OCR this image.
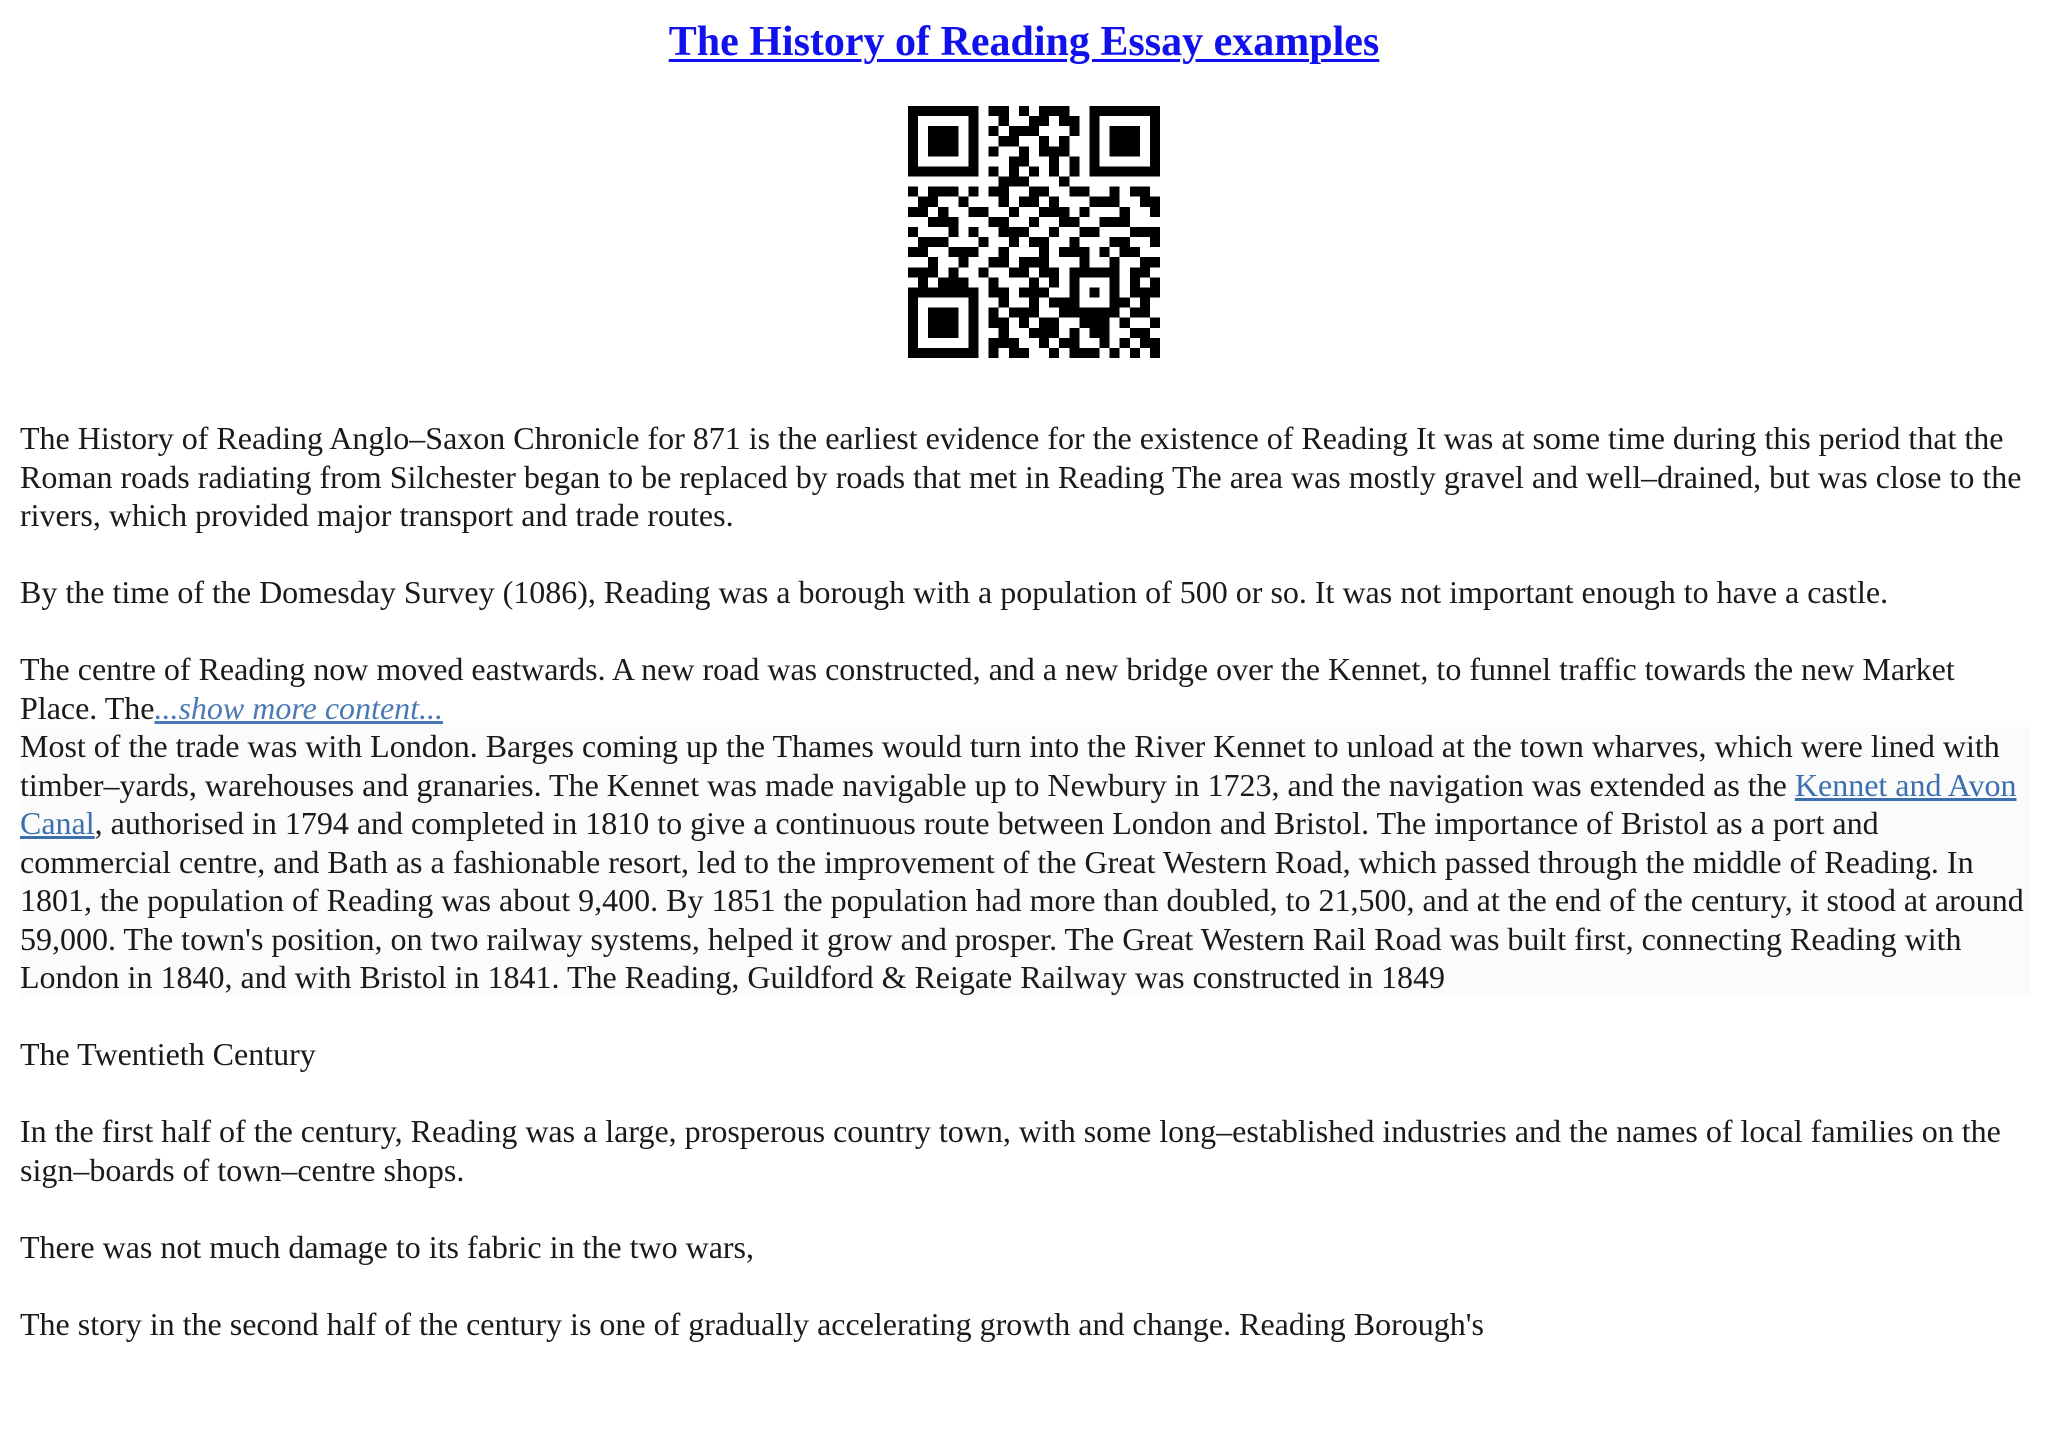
The History of Reading Essay examples

The History of Reading Anglo–Saxon Chronicle for 871 is the earliest evidence for the existence of Reading It was at some time during this period that the Roman roads radiating from Silchester began to be replaced by roads that met in Reading The area was mostly gravel and well–drained, but was close to the rivers, which provided major transport and trade routes.

By the time of the Domesday Survey (1086), Reading was a borough with a population of 500 or so. It was not important enough to have a castle.

The centre of Reading now moved eastwards. A new road was constructed, and a new bridge over the Kennet, to funnel traffic towards the new Market Place. The...show more content...

Most of the trade was with London. Barges coming up the Thames would turn into the River Kennet to unload at the town wharves, which were lined with timber–yards, warehouses and granaries. The Kennet was made navigable up to Newbury in 1723, and the navigation was extended as the Kennet and Avon Canal, authorised in 1794 and completed in 1810 to give a continuous route between London and Bristol. The importance of Bristol as a port and commercial centre, and Bath as a fashionable resort, led to the improvement of the Great Western Road, which passed through the middle of Reading. In 1801, the population of Reading was about 9,400. By 1851 the population had more than doubled, to 21,500, and at the end of the century, it stood at around 59,000. The town's position, on two railway systems, helped it grow and prosper. The Great Western Rail Road was built first, connecting Reading with London in 1840, and with Bristol in 1841. The Reading, Guildford & Reigate Railway was constructed in 1849

The Twentieth Century

In the first half of the century, Reading was a large, prosperous country town, with some long–established industries and the names of local families on the sign–boards of town–centre shops.

There was not much damage to its fabric in the two wars,

The story in the second half of the century is one of gradually accelerating growth and change. Reading Borough's
